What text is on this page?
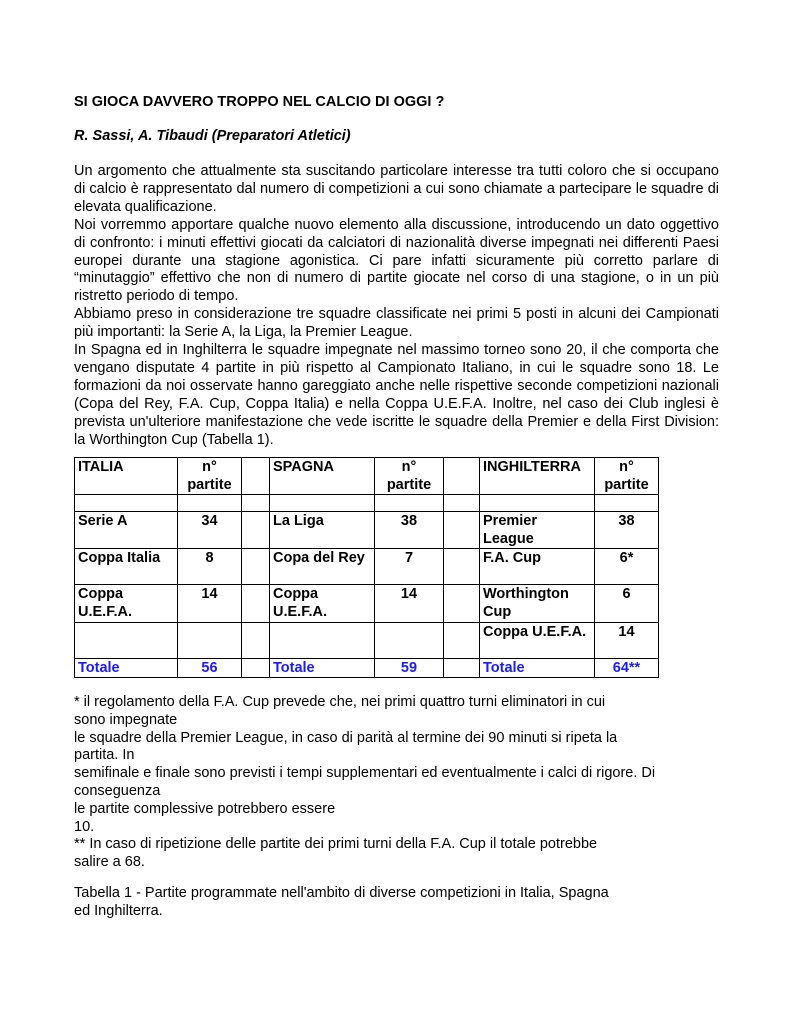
SI GIOCA DAVVERO TROPPO NEL CALCIO DI OGGI ?
R. Sassi, A. Tibaudi (Preparatori Atletici)

Un argomento che attualmente sta suscitando particolare interesse tra tutti coloro che si occupano di calcio è rappresentato dal numero di competizioni a cui sono chiamate a partecipare le squadre di elevata qualificazione.

Noi vorremmo apportare qualche nuovo elemento alla discussione, introducendo un dato oggettivo di confronto: i minuti effettivi giocati da calciatori di nazionalità diverse impegnati nei differenti Paesi europei durante una stagione agonistica. Ci pare infatti sicuramente più corretto parlare di “minutaggio” effettivo che non di numero di partite giocate nel corso di una stagione, o in un più ristretto periodo di tempo.

Abbiamo preso in considerazione tre squadre classificate nei primi 5 posti in alcuni dei Campionati più importanti: la Serie A, la Liga, la Premier League.

In Spagna ed in Inghilterra le squadre impegnate nel massimo torneo sono 20, il che comporta che vengano disputate 4 partite in più rispetto al Campionato Italiano, in cui le squadre sono 18. Le formazioni da noi osservate hanno gareggiato anche nelle rispettive seconde competizioni nazionali (Copa del Rey, F.A. Cup, Coppa Italia) e nella Coppa U.E.F.A. Inoltre, nel caso dei Club inglesi è prevista un'ulteriore manifestazione che vede iscritte le squadre della Premier e della First Division: la Worthington Cup (Tabella 1).

ITALIA	n° partite		SPAGNA	n° partite		INGHILTERRA	n° partite

Serie A	34		La Liga	38		Premier League	38
Coppa Italia	8		Copa del Rey	7		F.A. Cup	6*
Coppa U.E.F.A.	14		Coppa U.E.F.A.	14		Worthington Cup	6
						Coppa U.E.F.A.	14
Totale	56		Totale	59		Totale	64**

* il regolamento della F.A. Cup prevede che, nei primi quattro turni eliminatori in cui

sono impegnate

le squadre della Premier League, in caso di parità al termine dei 90 minuti si ripeta la

partita. In

semifinale e finale sono previsti i tempi supplementari ed eventualmente i calci di rigore. Di

conseguenza

le partite complessive potrebbero essere

10.

** In caso di ripetizione delle partite dei primi turni della F.A. Cup il totale potrebbe

salire a 68.

Tabella 1 - Partite programmate nell'ambito di diverse competizioni in Italia, Spagna
ed Inghilterra.
